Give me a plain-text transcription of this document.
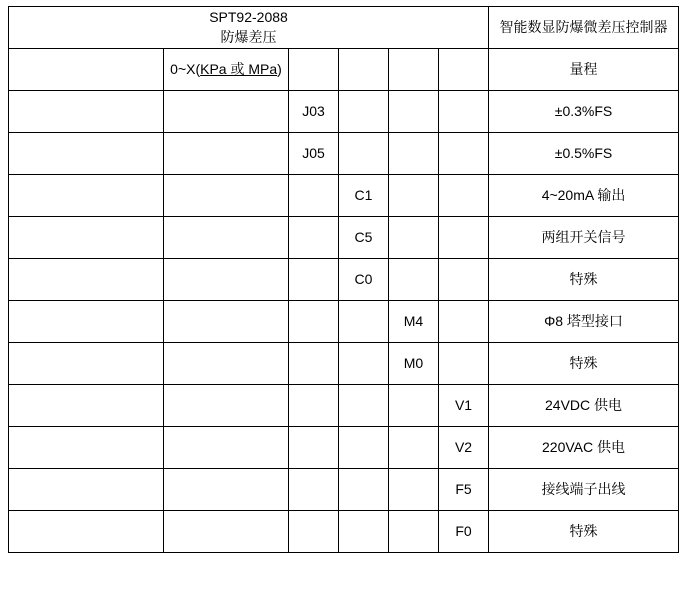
SPT92-2088
防爆差压						智能数显防爆微差压控制器
	0~X(KPa 或 MPa)					量程
		J03				±0.3%FS
		J05				±0.5%FS
			C1			4~20mA 输出
			C5			两组开关信号
			C0			特殊
				M4		Φ8 塔型接口
				M0		特殊
					V1	24VDC 供电
					V2	220VAC 供电
					F5	接线端子出线
					F0	特殊
